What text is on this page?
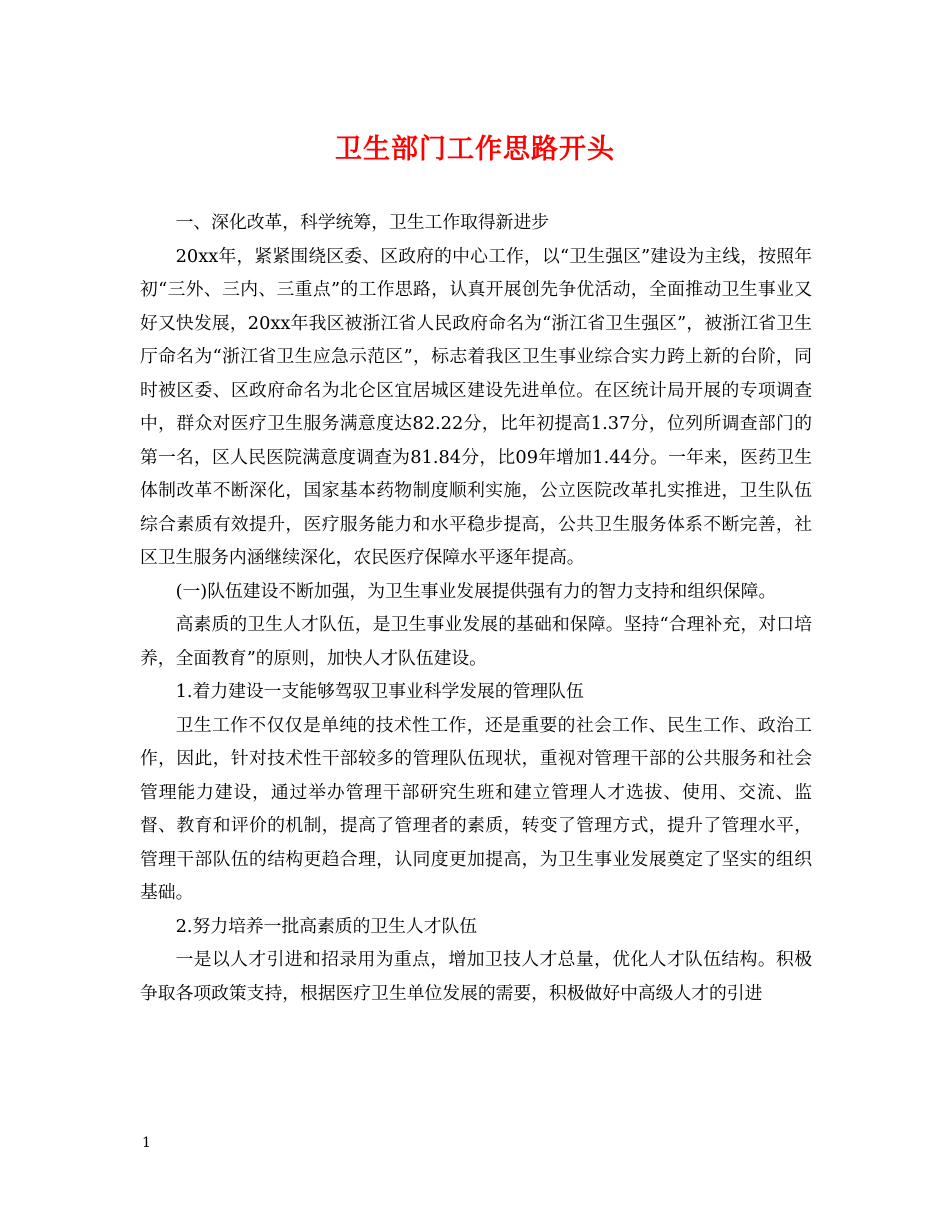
卫生部门工作思路开头

一、深化改革，科学统筹，卫生工作取得新进步

20xx年，紧紧围绕区委、区政府的中心工作，以“卫生强区”建设为主线，按照年初“三外、三内、三重点”的工作思路，认真开展创先争优活动，全面推动卫生事业又好又快发展，20xx年我区被浙江省人民政府命名为“浙江省卫生强区”，被浙江省卫生厅命名为“浙江省卫生应急示范区”，标志着我区卫生事业综合实力跨上新的台阶，同时被区委、区政府命名为北仑区宜居城区建设先进单位。在区统计局开展的专项调查中，群众对医疗卫生服务满意度达82.22分，比年初提高1.37分，位列所调查部门的第一名，区人民医院满意度调查为81.84分，比09年增加1.44分。一年来，医药卫生体制改革不断深化，国家基本药物制度顺利实施，公立医院改革扎实推进，卫生队伍综合素质有效提升，医疗服务能力和水平稳步提高，公共卫生服务体系不断完善，社区卫生服务内涵继续深化，农民医疗保障水平逐年提高。

(一)队伍建设不断加强，为卫生事业发展提供强有力的智力支持和组织保障。

高素质的卫生人才队伍，是卫生事业发展的基础和保障。坚持“合理补充，对口培养，全面教育”的原则，加快人才队伍建设。

1.着力建设一支能够驾驭卫事业科学发展的管理队伍

卫生工作不仅仅是单纯的技术性工作，还是重要的社会工作、民生工作、政治工作，因此，针对技术性干部较多的管理队伍现状，重视对管理干部的公共服务和社会管理能力建设，通过举办管理干部研究生班和建立管理人才选拔、使用、交流、监督、教育和评价的机制，提高了管理者的素质，转变了管理方式，提升了管理水平，管理干部队伍的结构更趋合理，认同度更加提高，为卫生事业发展奠定了坚实的组织基础。

2.努力培养一批高素质的卫生人才队伍

一是以人才引进和招录用为重点，增加卫技人才总量，优化人才队伍结构。积极争取各项政策支持，根据医疗卫生单位发展的需要，积极做好中高级人才的引进

1
